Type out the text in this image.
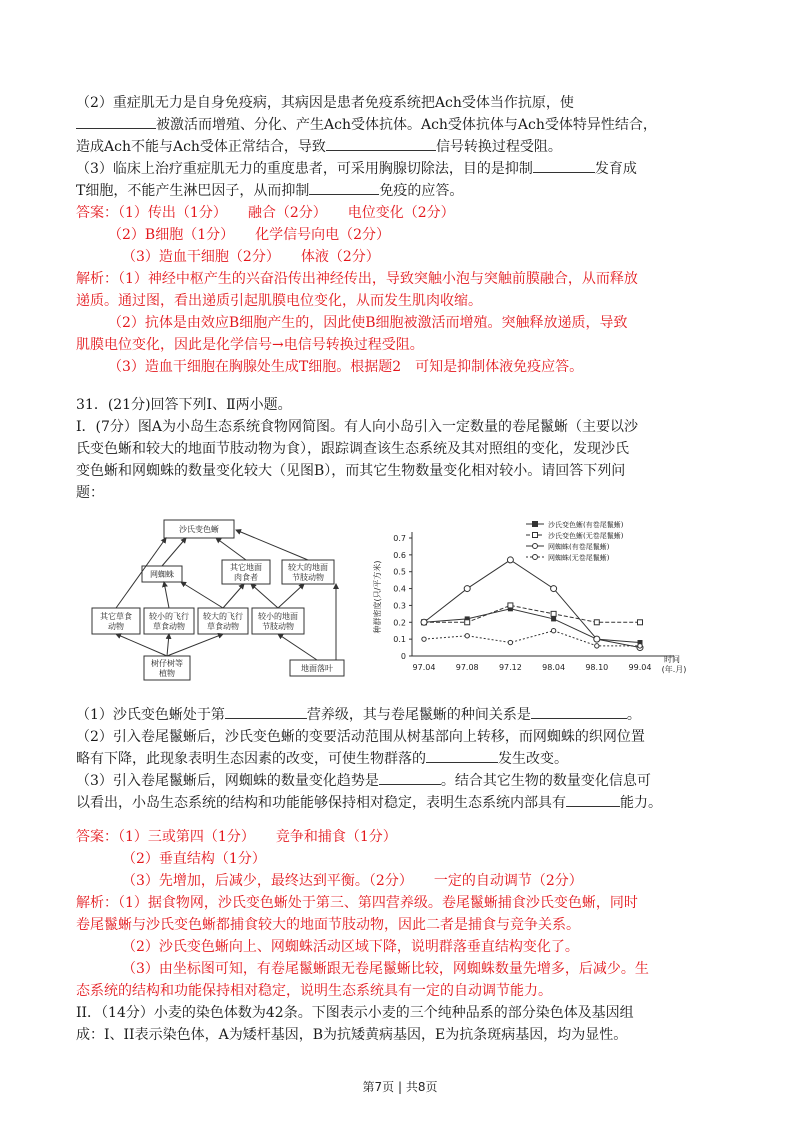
（2）重症肌无力是自身免疫病，其病因是患者免疫系统把Ach受体当作抗原，使

被激活而增殖、分化、产生Ach受体抗体。Ach受体抗体与Ach受体特异性结合，

造成Ach不能与Ach受体正常结合，导致	信号转换过程受阻。

（3）临床上治疗重症肌无力的重度患者，可采用胸腺切除法，目的是抑制	发育成

T细胞，不能产生淋巴因子，从而抑制	免疫的应答。

答案：（1）传出（1分）　　融合（2分）　　电位变化（2分）

（2）B细胞（1分）　　化学信号向电（2分）

（3）造血干细胞（2分）　　体液（2分）

解析：（1）神经中枢产生的兴奋沿传出神经传出，导致突触小泡与突触前膜融合，从而释放

递质。通过图，看出递质引起肌膜电位变化，从而发生肌肉收缩。

（2）抗体是由效应B细胞产生的，因此使B细胞被激活而增殖。突触释放递质，导致

肌膜电位变化，因此是化学信号→电信号转换过程受阻。

（3）造血干细胞在胸腺处生成T细胞。根据题2　可知是抑制体液免疫应答。

31．(21分)回答下列Ⅰ、Ⅱ两小题。

I．(7分）图A为小岛生态系统食物网简图。有人向小岛引入一定数量的卷尾鬣蜥（主要以沙

氏变色蜥和较大的地面节肢动物为食），跟踪调查该生态系统及其对照组的变化，发现沙氏

变色蜥和网蜘蛛的数量变化较大（见图B），而其它生物数量变化相对较小。请回答下列问

题：

沙氏变色蜥
网蜘蛛
其它地面
肉食者
较大的地面
节肢动物
其它草食
动物
较小的飞行
草食动物
较大的飞行
草食动物
较小的地面
节肢动物
树仔树等
植物
地面落叶
0
0.1
0.2
0.3
0.4
0.5
0.6
0.7
97.04	97.08	97.12	98.04	98.10	99.04
时间
(年.月)
种群密度(只/平方米)
沙氏变色蜥(有卷尾鬣蜥)
沙氏变色蜥(无卷尾鬣蜥)
网蜘蛛(有卷尾鬣蜥)
网蜘蛛(无卷尾鬣蜥)

（1）沙氏变色蜥处于第	营养级，其与卷尾鬣蜥的种间关系是	。

（2）引入卷尾鬣蜥后，沙氏变色蜥的变要活动范围从树基部向上转移，而网蜘蛛的织网位置

略有下降，此现象表明生态因素的改变，可使生物群落的	发生改变。

（3）引入卷尾鬣蜥后，网蜘蛛的数量变化趋势是	。结合其它生物的数量变化信息可

以看出，小岛生态系统的结构和功能能够保持相对稳定，表明生态系统内部具有	能力。

答案：（1）三或第四（1分）　　竞争和捕食（1分）

（2）垂直结构（1分）

（3）先增加，后减少，最终达到平衡。（2分）　　一定的自动调节（2分）

解析：（1）据食物网，沙氏变色蜥处于第三、第四营养级。卷尾鬣蜥捕食沙氏变色蜥，同时

卷尾鬣蜥与沙氏变色蜥都捕食较大的地面节肢动物，因此二者是捕食与竞争关系。

（2）沙氏变色蜥向上、网蜘蛛活动区域下降，说明群落垂直结构变化了。

（3）由坐标图可知，有卷尾鬣蜥跟无卷尾鬣蜥比较，网蜘蛛数量先增多，后减少。生

态系统的结构和功能保持相对稳定，说明生态系统具有一定的自动调节能力。

II．（14分）小麦的染色体数为42条。下图表示小麦的三个纯种品系的部分染色体及基因组

成：I、II表示染色体，A为矮杆基因，B为抗矮黄病基因，E为抗条斑病基因，均为显性。

第7页 | 共8页
